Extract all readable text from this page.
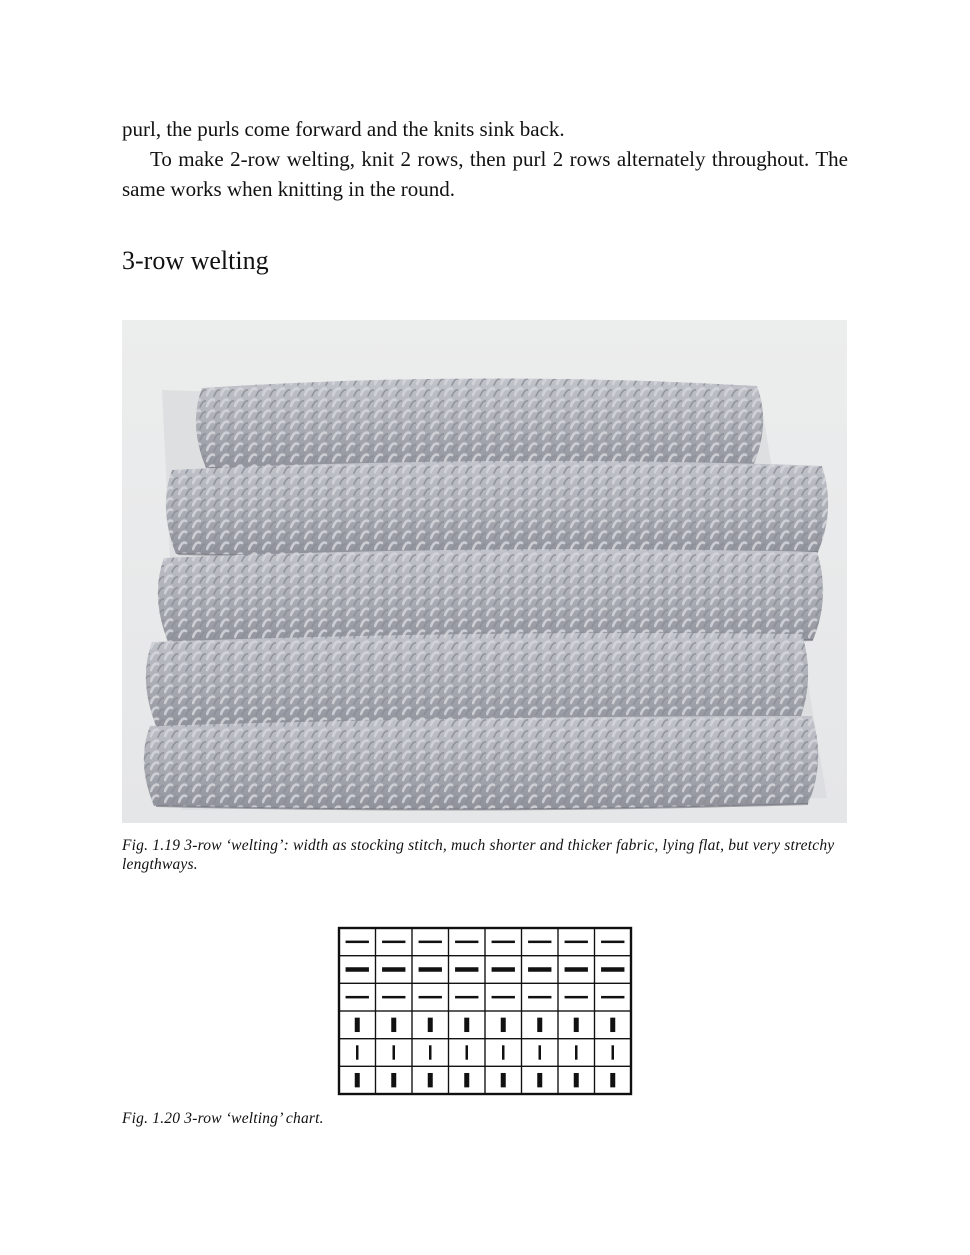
purl, the purls come forward and the knits sink back.

To make 2-row welting, knit 2 rows, then purl 2 rows alternately throughout. The same works when knitting in the round.

3-row welting

Fig. 1.19 3-row ‘welting’: width as stocking stitch, much shorter and thicker fabric, lying flat, but very stretchy lengthways.

Fig. 1.20 3-row ‘welting’ chart.
